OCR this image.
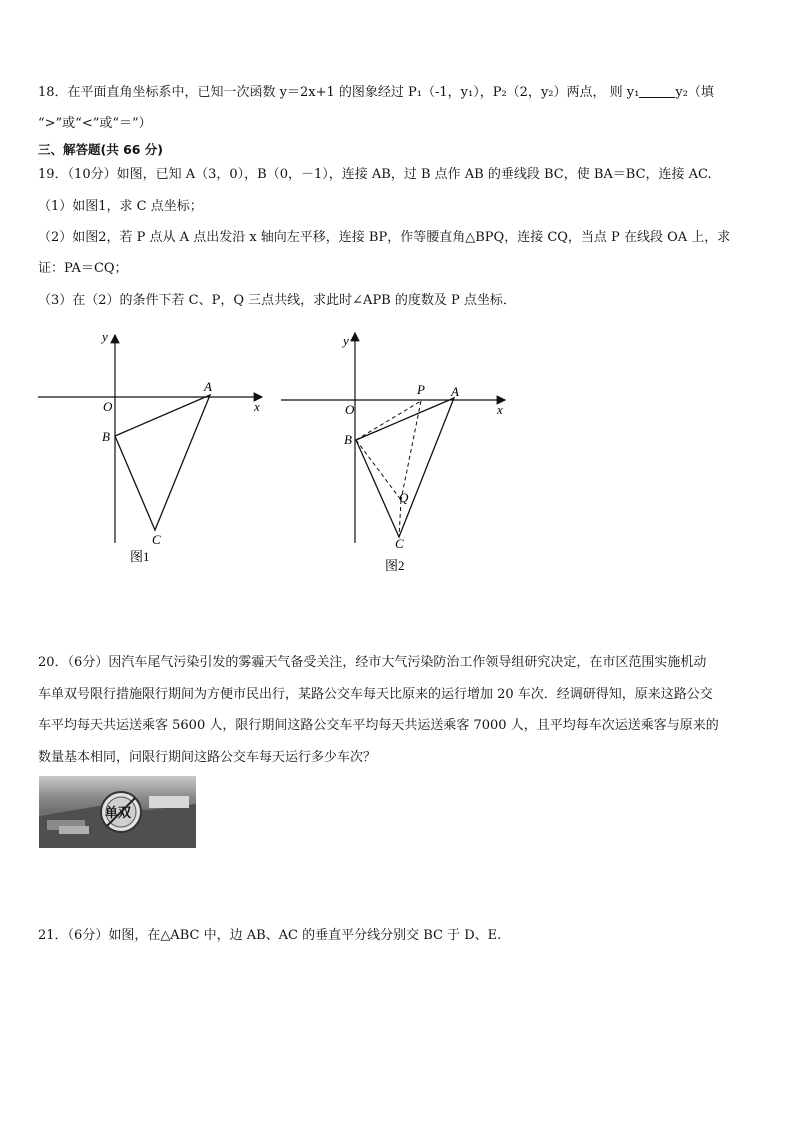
18．在平面直角坐标系中，已知一次函数 y＝2x+1 的图象经过 P₁（-1，y₁），P₂（2，y₂）两点， 则 y₁	y₂（填
“>”或“<”或“＝”）
三、解答题(共 66 分)
19．（10分）如图，已知 A（3，0），B（0，－1），连接 AB，过 B 点作 AB 的垂线段 BC，使 BA＝BC，连接 AC.
（1）如图1，求 C 点坐标；
（2）如图2，若 P 点从 A 点出发沿 x 轴向左平移，连接 BP，作等腰直角△BPQ，连接 CQ，当点 P 在线段 OA 上，求
证：PA＝CQ；
（3）在（2）的条件下若 C、P，Q 三点共线，求此时∠APB 的度数及 P 点坐标．
y
x
O
A
B
C
图1
y
x
O
P A
B
Q
C
图2
20．（6分）因汽车尾气污染引发的雾霾天气备受关注，经市大气污染防治工作领导组研究决定，在市区范围实施机动
车单双号限行措施限行期间为方便市民出行，某路公交车每天比原来的运行增加 20 车次．经调研得知，原来这路公交
车平均每天共运送乘客 5600 人，限行期间这路公交车平均每天共运送乘客 7000 人，且平均每车次运送乘客与原来的
数量基本相同，问限行期间这路公交车每天运行多少车次？
单双
21．（6分）如图，在△ABC 中，边 AB、AC 的垂直平分线分别交 BC 于 D、E.
